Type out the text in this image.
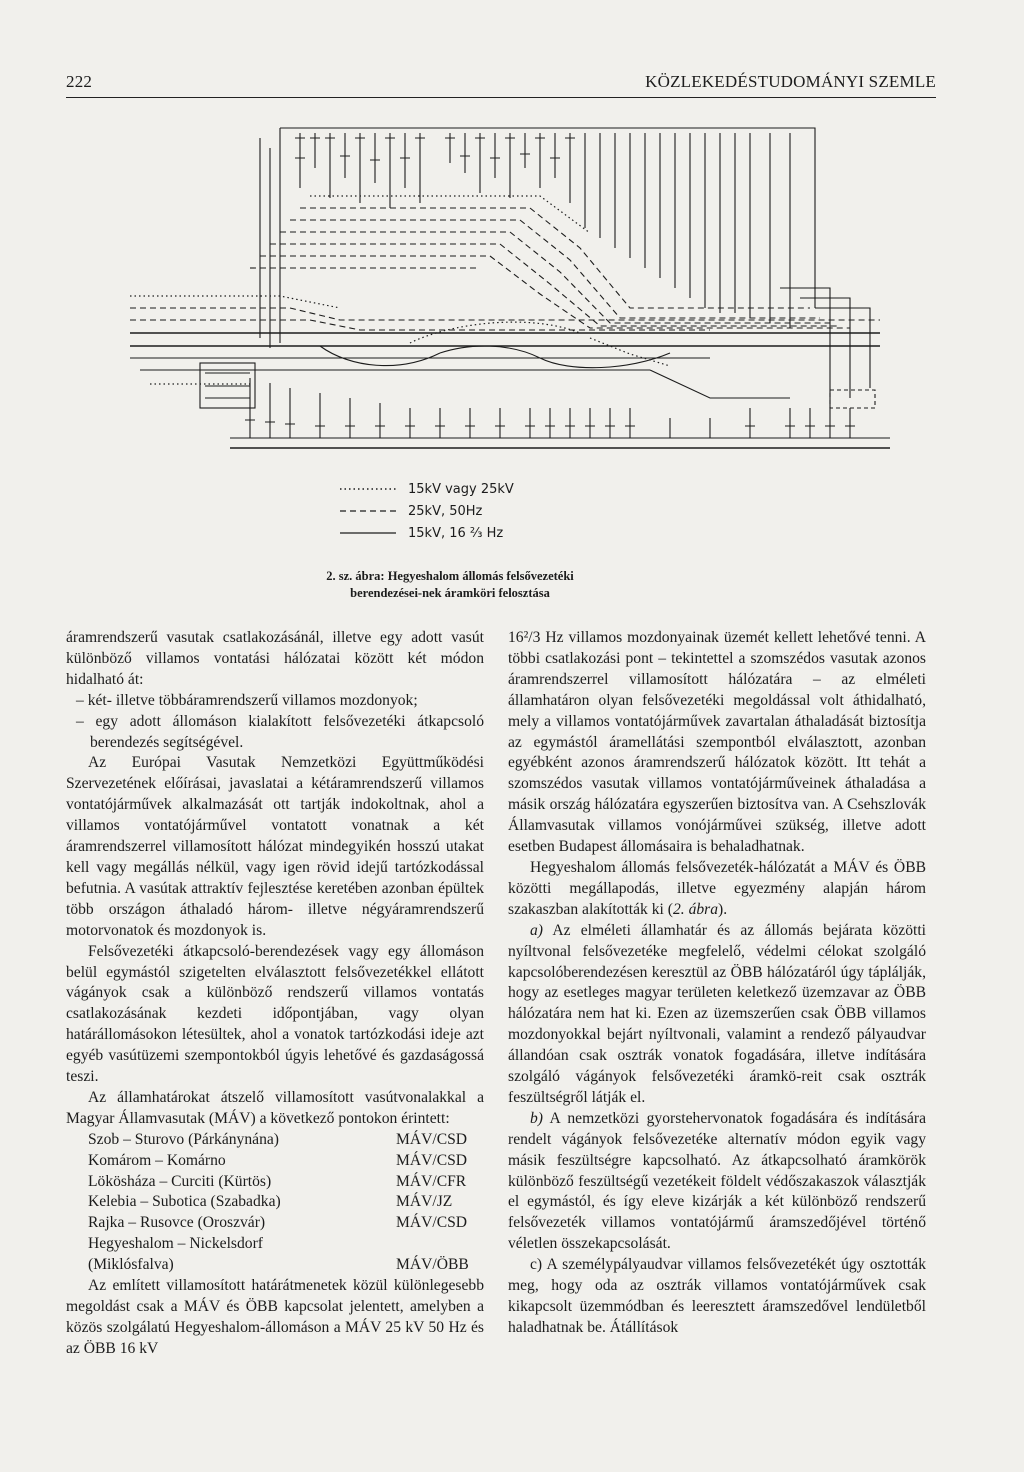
222	KÖZLEKEDÉSTUDOMÁNYI SZEMLE
15kV vagy 25kV
25kV, 50Hz
15kV, 16 ⅔ Hz
2. sz. ábra: Hegyeshalom állomás felsővezetéki berendezései-nek áramköri felosztása

áramrendszerű vasutak csatlakozásánál, illetve egy adott vasút különböző villamos vontatási hálózatai között két módon hidalható át:

– két- illetve többáramrendszerű villamos mozdonyok;

– egy adott állomáson kialakított felsővezetéki átkapcsoló berendezés segítségével.

Az Európai Vasutak Nemzetközi Együttműködési Szervezetének előírásai, javaslatai a kétáramrendszerű villamos vontatójárművek alkalmazását ott tartják indokoltnak, ahol a villamos vontatójárművel vontatott vonatnak a két áramrendszerrel villamosított hálózat mindegyikén hosszú utakat kell vagy megállás nélkül, vagy igen rövid idejű tartózkodással befutnia. A vasútak attraktív fejlesztése keretében azonban épültek több országon áthaladó három- illetve négyáramrendszerű motorvonatok és mozdonyok is.

Felsővezetéki átkapcsoló-berendezések vagy egy állomáson belül egymástól szigetelten elválasztott felsővezetékkel ellátott vágányok csak a különböző rendszerű villamos vontatás csatlakozásának kezdeti időpontjában, vagy olyan határállomásokon létesültek, ahol a vonatok tartózkodási ideje azt egyéb vasútüzemi szempontokból úgyis lehetővé és gazdaságossá teszi.

Az államhatárokat átszelő villamosított vasútvonalakkal a Magyar Államvasutak (MÁV) a következő pontokon érintett:

Szob – Sturovo (Párkánynána)	MÁV/CSD
Komárom – Komárno	MÁV/CSD
Lökösháza – Curciti (Kürtös)	MÁV/CFR
Kelebia – Subotica (Szabadka)	MÁV/JZ
Rajka – Rusovce (Oroszvár)	MÁV/CSD
Hegyeshalom – Nickelsdorf
(Miklósfalva)	MÁV/ÖBB

Az említett villamosított határátmenetek közül különlegesebb megoldást csak a MÁV és ÖBB kapcsolat jelentett, amelyben a közös szolgálatú Hegyeshalom-állomáson a MÁV 25 kV 50 Hz és az ÖBB 16 kV

16²/3 Hz villamos mozdonyainak üzemét kellett lehetővé tenni. A többi csatlakozási pont – tekintettel a szomszédos vasutak azonos áramrendszerrel villamosított hálózatára – az elméleti államhatáron olyan felsővezetéki megoldással volt áthidalható, mely a villamos vontatójárművek zavartalan áthaladását biztosítja az egymástól áramellátási szempontból elválasztott, azonban egyébként azonos áramrendszerű hálózatok között. Itt tehát a szomszédos vasutak villamos vontatójárműveinek áthaladása a másik ország hálózatára egyszerűen biztosítva van. A Csehszlovák Államvasutak villamos vonójárművei szükség, illetve adott esetben Budapest állomásaira is behaladhatnak.

Hegyeshalom állomás felsővezeték-hálózatát a MÁV és ÖBB közötti megállapodás, illetve egyezmény alapján három szakaszban alakították ki (2. ábra).

a) Az elméleti államhatár és az állomás bejárata közötti nyíltvonal felsővezetéke megfelelő, védelmi célokat szolgáló kapcsolóberendezésen keresztül az ÖBB hálózatáról úgy táplálják, hogy az esetleges magyar területen keletkező üzemzavar az ÖBB hálózatára nem hat ki. Ezen az üzemszerűen csak ÖBB villamos mozdonyokkal bejárt nyíltvonali, valamint a rendező pályaudvar állandóan csak osztrák vonatok fogadására, illetve indítására szolgáló vágányok felsővezetéki áramkö-reit csak osztrák feszültségről látják el.

b) A nemzetközi gyorstehervonatok fogadására és indítására rendelt vágányok felsővezetéke alternatív módon egyik vagy másik feszültségre kapcsolható. Az átkapcsolható áramkörök különböző feszültségű vezetékeit földelt védőszakaszok választják el egymástól, és így eleve kizárják a két különböző rendszerű felsővezeték villamos vontatójármű áramszedőjével történő véletlen összekapcsolását.

c) A személypályaudvar villamos felsővezetékét úgy osztották meg, hogy oda az osztrák villamos vontatójárművek csak kikapcsolt üzemmódban és leeresztett áramszedővel lendületből haladhatnak be. Átállítások
